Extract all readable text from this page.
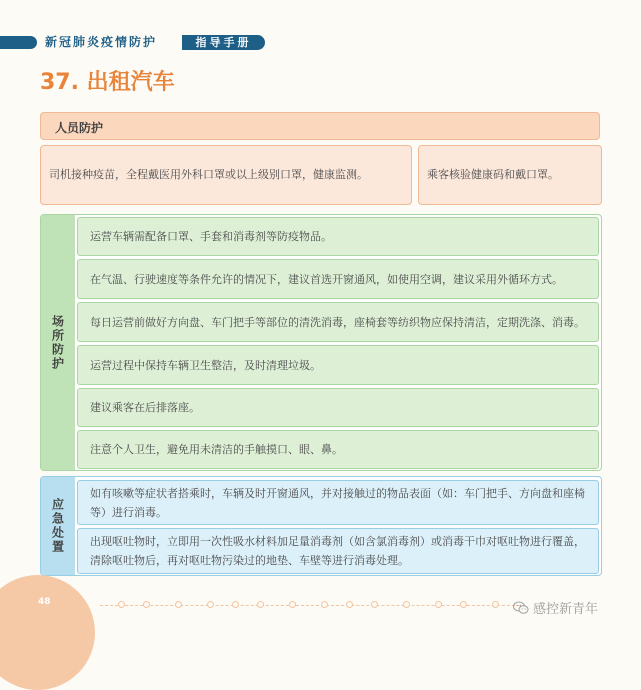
新冠肺炎疫情防护	指导手册
37. 出租汽车
人员防护
司机接种疫苗，全程戴医用外科口罩或以上级别口罩，健康监测。	乘客核验健康码和戴口罩。
场所防护
运营车辆需配备口罩、手套和消毒剂等防疫物品。
在气温、行驶速度等条件允许的情况下，建议首选开窗通风，如使用空调，建议采用外循环方式。
每日运营前做好方向盘、车门把手等部位的清洗消毒，座椅套等纺织物应保持清洁，定期洗涤、消毒。
运营过程中保持车辆卫生整洁，及时清理垃圾。
建议乘客在后排落座。
注意个人卫生，避免用未清洁的手触摸口、眼、鼻。
应急处置
如有咳嗽等症状者搭乘时，车辆及时开窗通风，并对接触过的物品表面（如：车门把手、方向盘和座椅等）进行消毒。
出现呕吐物时，立即用一次性吸水材料加足量消毒剂（如含氯消毒剂）或消毒干巾对呕吐物进行覆盖，清除呕吐物后，再对呕吐物污染过的地垫、车壁等进行消毒处理。
48	感控新青年
